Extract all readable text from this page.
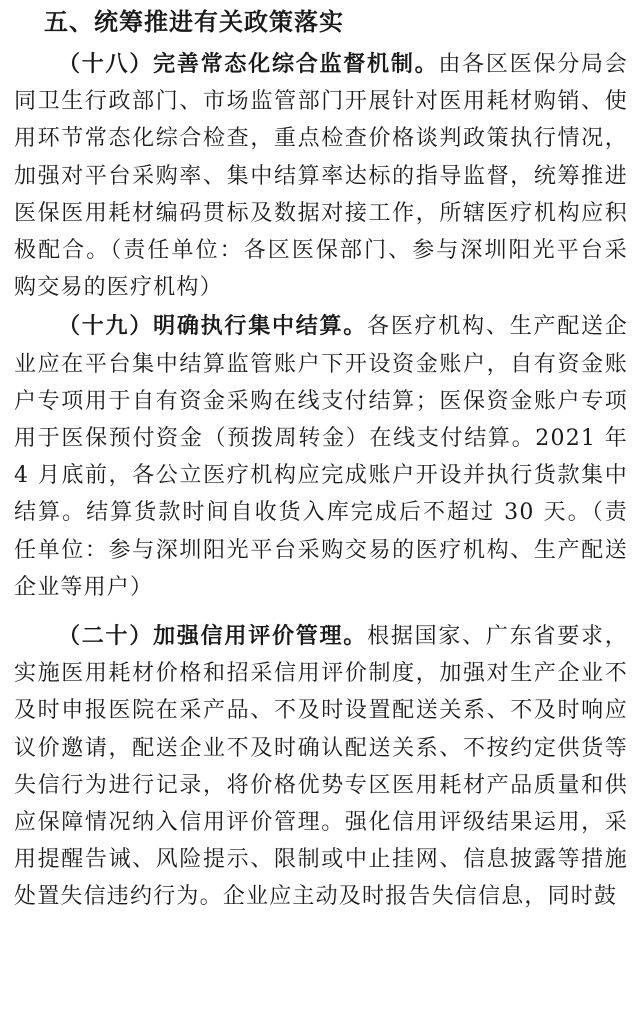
五、统筹推进有关政策落实

（十八）完善常态化综合监督机制。由各区医保分局会同卫生行政部门、市场监管部门开展针对医用耗材购销、使用环节常态化综合检查，重点检查价格谈判政策执行情况，加强对平台采购率、集中结算率达标的指导监督，统筹推进医保医用耗材编码贯标及数据对接工作，所辖医疗机构应积极配合。（责任单位：各区医保部门、参与深圳阳光平台采购交易的医疗机构）

（十九）明确执行集中结算。各医疗机构、生产配送企业应在平台集中结算监管账户下开设资金账户，自有资金账户专项用于自有资金采购在线支付结算；医保资金账户专项用于医保预付资金（预拨周转金）在线支付结算。2021 年 4 月底前，各公立医疗机构应完成账户开设并执行货款集中结算。结算货款时间自收货入库完成后不超过 30 天。（责任单位：参与深圳阳光平台采购交易的医疗机构、生产配送企业等用户）

（二十）加强信用评价管理。根据国家、广东省要求，实施医用耗材价格和招采信用评价制度，加强对生产企业不及时申报医院在采产品、不及时设置配送关系、不及时响应议价邀请，配送企业不及时确认配送关系、不按约定供货等失信行为进行记录，将价格优势专区医用耗材产品质量和供应保障情况纳入信用评价管理。强化信用评级结果运用，采用提醒告诫、风险提示、限制或中止挂网、信息披露等措施处置失信违约行为。企业应主动及时报告失信信息，同时鼓
